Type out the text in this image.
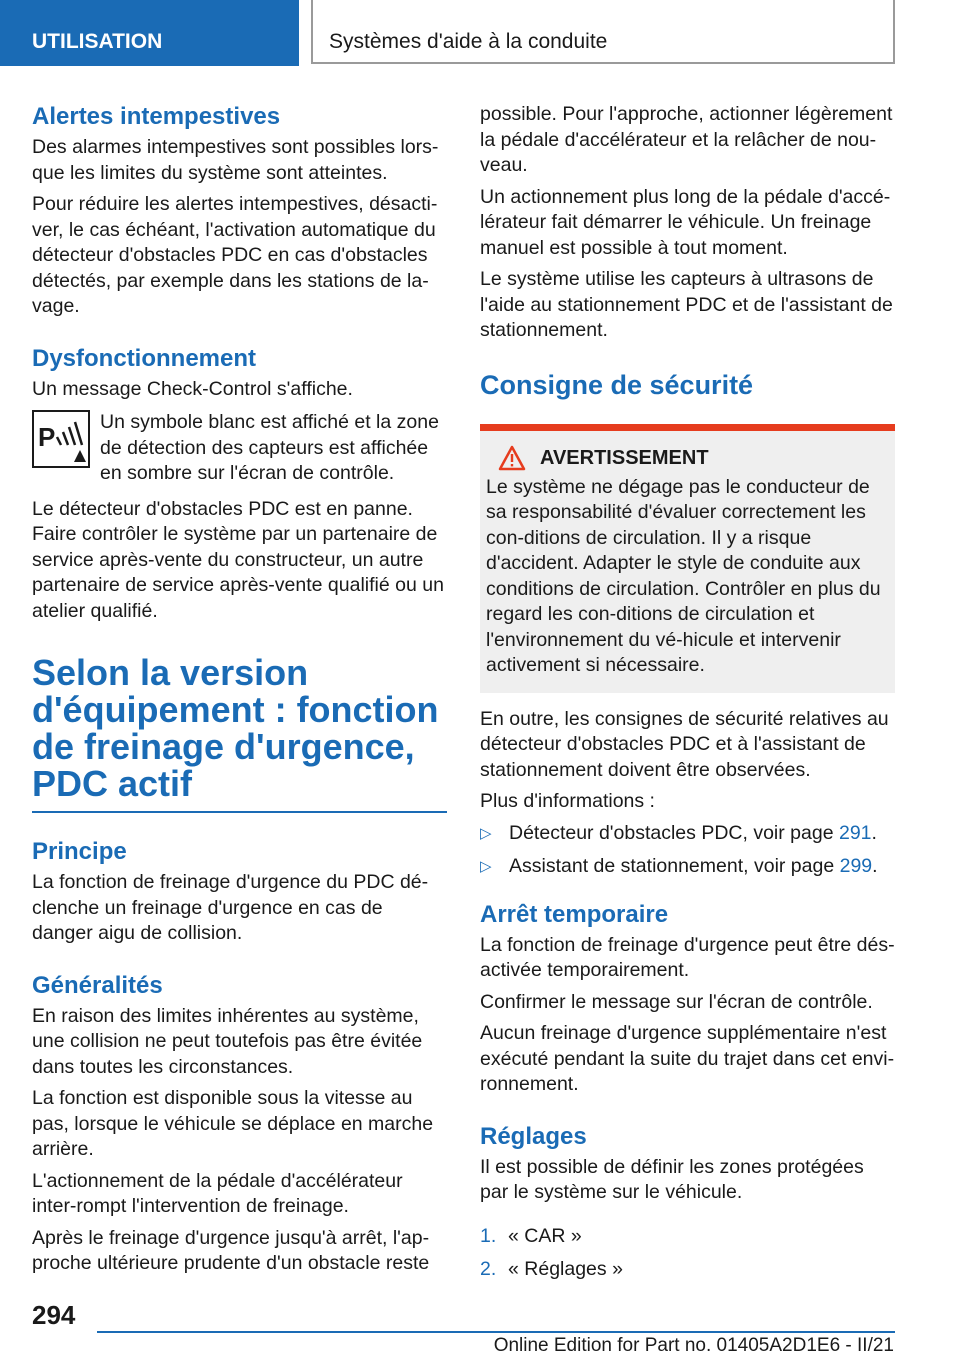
UTILISATION	Systèmes d'aide à la conduite
Alertes intempestives

Des alarmes intempestives sont possibles lors-que les limites du système sont atteintes.

Pour réduire les alertes intempestives, désacti-ver, le cas échéant, l'activation automatique du détecteur d'obstacles PDC en cas d'obstacles détectés, par exemple dans les stations de la-vage.

Dysfonctionnement

Un message Check-Control s'affiche.

P Un symbole blanc est affiché et la zone de détection des capteurs est affichée en sombre sur l'écran de contrôle.

Le détecteur d'obstacles PDC est en panne. Faire contrôler le système par un partenaire de service après-vente du constructeur, un autre partenaire de service après-vente qualifié ou un atelier qualifié.

Selon la version d'équipement : fonction de freinage d'urgence, PDC actif
Principe

La fonction de freinage d'urgence du PDC dé-clenche un freinage d'urgence en cas de danger aigu de collision.

Généralités

En raison des limites inhérentes au système, une collision ne peut toutefois pas être évitée dans toutes les circonstances.

La fonction est disponible sous la vitesse au pas, lorsque le véhicule se déplace en marche arrière.

L'actionnement de la pédale d'accélérateur inter-rompt l'intervention de freinage.

Après le freinage d'urgence jusqu'à arrêt, l'ap-proche ultérieure prudente d'un obstacle reste

possible. Pour l'approche, actionner légèrement la pédale d'accélérateur et la relâcher de nou-veau.

Un actionnement plus long de la pédale d'accé-lérateur fait démarrer le véhicule. Un freinage manuel est possible à tout moment.

Le système utilise les capteurs à ultrasons de l'aide au stationnement PDC et de l'assistant de stationnement.

Consigne de sécurité
AVERTISSEMENT

Le système ne dégage pas le conducteur de sa responsabilité d'évaluer correctement les con-ditions de circulation. Il y a risque d'accident. Adapter le style de conduite aux conditions de circulation. Contrôler en plus du regard les con-ditions de circulation et l'environnement du vé-hicule et intervenir activement si nécessaire.

En outre, les consignes de sécurité relatives au détecteur d'obstacles PDC et à l'assistant de stationnement doivent être observées.

Plus d'informations :

▷ Détecteur d'obstacles PDC, voir page 291.
▷ Assistant de stationnement, voir page 299.
Arrêt temporaire

La fonction de freinage d'urgence peut être dés-activée temporairement.

Confirmer le message sur l'écran de contrôle.

Aucun freinage d'urgence supplémentaire n'est exécuté pendant la suite du trajet dans cet envi-ronnement.

Réglages

Il est possible de définir les zones protégées par le système sur le véhicule.

1. « CAR »
2. « Réglages »
294
Online Edition for Part no. 01405A2D1E6 - II/21
